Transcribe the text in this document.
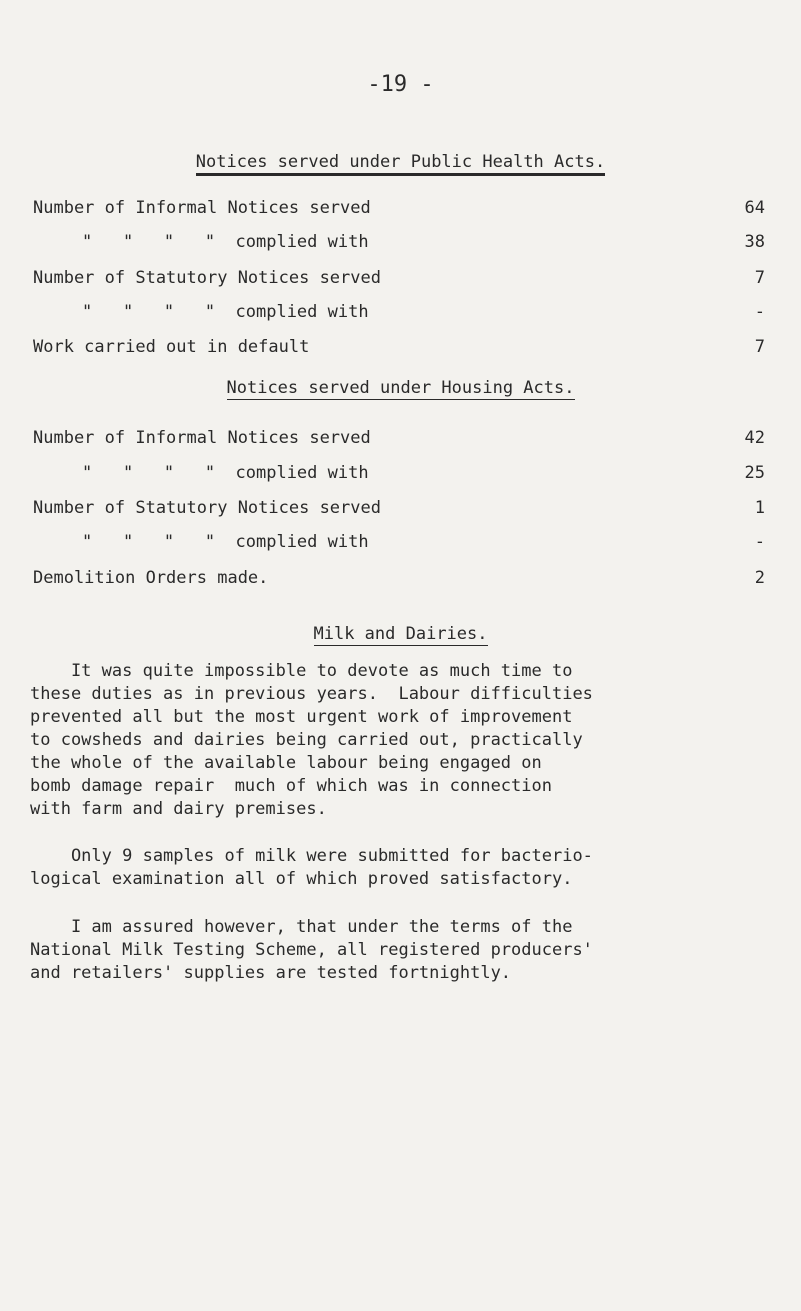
-19 -
Notices served under Public Health Acts.
Number of Informal Notices served	64
"   "   "   "  complied with	38
Number of Statutory Notices served	7
"   "   "   "  complied with	-
Work carried out in default	7
Notices served under Housing Acts.
Number of Informal Notices served	42
"   "   "   "  complied with	25
Number of Statutory Notices served	1
"   "   "   "  complied with	-
Demolition Orders made.	2
Milk and Dairies.
It was quite impossible to devote as much time to
these duties as in previous years.  Labour difficulties
prevented all but the most urgent work of improvement
to cowsheds and dairies being carried out, practically
the whole of the available labour being engaged on
bomb damage repair  much of which was in connection
with farm and dairy premises.
Only 9 samples of milk were submitted for bacterio-
logical examination all of which proved satisfactory.
I am assured however, that under the terms of the
National Milk Testing Scheme, all registered producers'
and retailers' supplies are tested fortnightly.
